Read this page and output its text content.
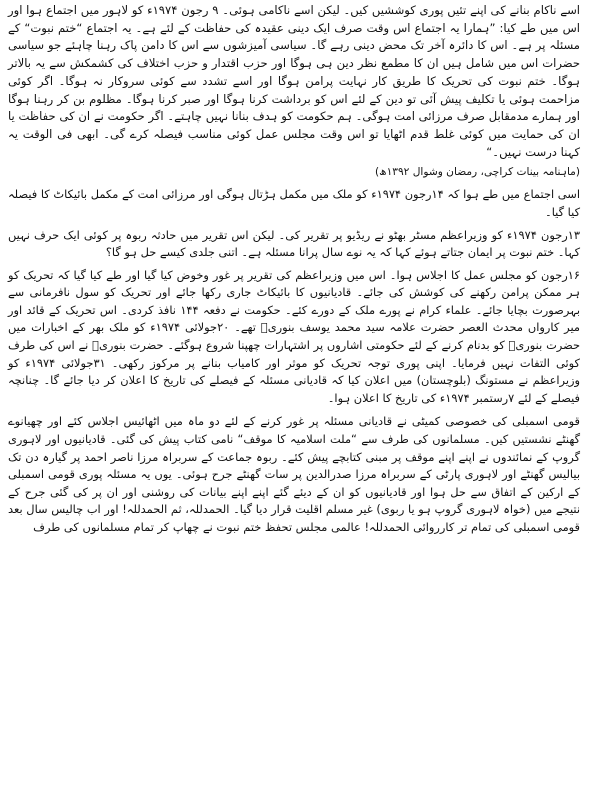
اسے ناکام بنانے کی اپنے تئیں پوری کوششیں کیں۔ لیکن اسے ناکامی ہوئی۔ ۹ رجون ۱۹۷۴ء کو لاہور میں اجتماع ہوا اور اس میں طے کیا: ”ہمارا یہ اجتماع اس وقت صرف ایک دینی عقیدہ کی حفاظت کے لئے ہے۔ یہ اجتماع “ختم نبوت“ کے مسئلہ پر ہے۔ اس کا دائرہ آخر تک محض دینی رہے گا۔ سیاسی آمیزشوں سے اس کا دامن پاک رہنا چاہئے جو سیاسی حضرات اس میں شامل ہیں ان کا مطمع نظر دین ہی ہوگا اور حزب اقتدار و حزب اختلاف کی کشمکش سے یہ بالاتر ہوگا۔ ختم نبوت کی تحریک کا طریق کار نہایت پرامن ہوگا اور اسے تشدد سے کوئی سروکار نہ ہوگا۔ اگر کوئی مزاحمت ہوئی یا تکلیف پیش آئی تو دین کے لئے اس کو برداشت کرنا ہوگا اور صبر کرنا ہوگا۔ مظلوم بن کر رہنا ہوگا اور ہمارے مدمقابل صرف مرزائی امت ہوگی۔ ہم حکومت کو ہدف بنانا نہیں چاہتے۔ اگر حکومت نے ان کی حفاظت یا ان کی حمایت میں کوئی غلط قدم اٹھایا تو اس وقت مجلس عمل کوئی مناسب فیصلہ کرے گی۔ ابھی فی الوقت یہ کہنا درست نہیں۔“

(ماہنامہ بینات کراچی، رمضان وشوال ۱۳۹۲ھ)

اسی اجتماع میں طے ہوا کہ ۱۴رجون ۱۹۷۴ء کو ملک میں مکمل ہڑتال ہوگی اور مرزائی امت کے مکمل بائیکاٹ کا فیصلہ کیا گیا۔

۱۳رجون ۱۹۷۴ء کو وزیراعظم مسٹر بھٹو نے ریڈیو پر تقریر کی۔ لیکن اس تقریر میں حادثہ ربوہ پر کوئی ایک حرف نہیں کہا۔ ختم نبوت پر ایمان جتاتے ہوئے کہا کہ یہ نوے سال پرانا مسئلہ ہے۔ اتنی جلدی کیسے حل ہو گا؟

۱۶رجون کو مجلس عمل کا اجلاس ہوا۔ اس میں وزیراعظم کی تقریر پر غور وخوض کیا گیا اور طے کیا گیا کہ تحریک کو ہر ممکن پرامن رکھنے کی کوشش کی جائے۔ قادیانیوں کا بائیکاٹ جاری رکھا جائے اور تحریک کو سول نافرمانی سے بہرصورت بچایا جائے۔ علماء کرام نے پورے ملک کے دورے کئے۔ حکومت نے دفعہ ۱۴۴ نافذ کردی۔ اس تحریک کے قائد اور میر کارواں محدث العصر حضرت علامہ سید محمد یوسف بنوریؒ تھے۔ ۲۰جولائی ۱۹۷۴ء کو ملک بھر کے اخبارات میں حضرت بنوریؒ کو بدنام کرنے کے لئے حکومتی اشاروں پر اشتہارات چھپنا شروع ہوگئے۔ حضرت بنوریؒ نے اس کی طرف کوئی التفات نہیں فرمایا۔ اپنی پوری توجہ تحریک کو موثر اور کامیاب بنانے پر مرکوز رکھی۔ ۳۱جولائی ۱۹۷۴ء کو وزیراعظم نے مستونگ (بلوچستان) میں اعلان کیا کہ قادیانی مسئلہ کے فیصلے کی تاریخ کا اعلان کر دیا جائے گا۔ چنانچہ فیصلے کے لئے ۷رستمبر ۱۹۷۴ء کی تاریخ کا اعلان ہوا۔

قومی اسمبلی کی خصوصی کمیٹی نے قادیانی مسئلہ پر غور کرنے کے لئے دو ماہ میں اٹھائیس اجلاس کئے اور چھیانوے گھنٹے نشستیں کیں۔ مسلمانوں کی طرف سے “ملت اسلامیہ کا موقف“ نامی کتاب پیش کی گئی۔ قادیانیوں اور لاہوری گروپ کے نمائندوں نے اپنے اپنے موقف پر مبنی کتابچے پیش کئے۔ ربوہ جماعت کے سربراہ مرزا ناصر احمد پر گیارہ دن تک بیالیس گھنٹے اور لاہوری پارٹی کے سربراہ مرزا صدرالدین پر سات گھنٹے جرح ہوئی۔ یوں یہ مسئلہ پوری قومی اسمبلی کے ارکین کے اتفاق سے حل ہوا اور قادیانیوں کو ان کے دیئے گئے اپنے اپنے بیانات کی روشنی اور ان پر کی گئی جرح کے نتیجے میں (خواہ لاہوری گروپ ہو یا ربوی) غیر مسلم اقلیت قرار دیا گیا۔ الحمدللہ، ثم الحمدللہ! اور اب چالیس سال بعد قومی اسمبلی کی تمام تر کارروائی الحمدللہ! عالمی مجلس تحفظ ختم نبوت نے چھاپ کر تمام مسلمانوں کی طرف
